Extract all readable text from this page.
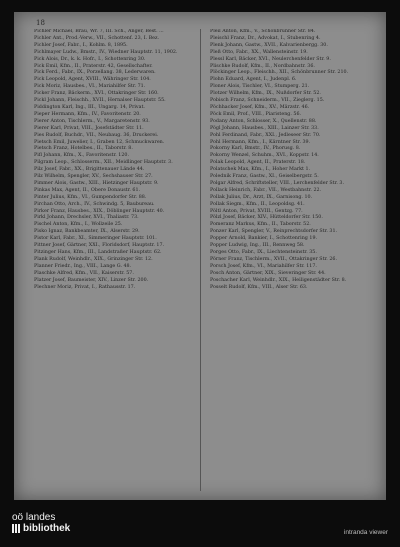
18
Pichler Michael, Bräu, Wr. 7, III. Sch., Anger, Best. ...
Pichler Ant., Prod.-Verw., VII., Schottenf. 23, I. Bez.
Pichler Josef, Fabr., I., Kohlm. 8, 1895.
Pichlmayer Ludw., Bmstr., IV., Wiedner Hauptstr. 11, 1902.
Pick Alois, Dr., k. k. Hofr., I., Schottenring 30.
Pick Emil, Kfm., II., Praterstr. 42, Gesellschafter.
Pick Ferd., Fabr., IX., Porzellang. 38, Lederwaren.
Pick Leopold, Agent, XVIII., Währinger Str. 104.
Pick Moriz, Hausbes., VI., Mariahilfer Str. 71.
Picker Franz, Bäckerm., XVI., Ottakringer Str. 160.
Pickl Johann, Fleischh., XVII., Hernalser Hauptstr. 55.
Piddington Karl, Ing., III., Ungarg. 14, Privat.
Pieper Hermann, Kfm., IV., Favoritenstr. 20.
Pierer Anton, Tischlerm., V., Margaretenstr. 93.
Pierer Karl, Privat, VIII., Josefstädter Str. 11.
Pies Rudolf, Buchdr., VII., Neubaug. 36, Druckerei.
Pietsch Emil, Juwelier, I., Graben 12, Schmuckwaren.
Pietsch Franz, Hotelbes., II., Taborstr. 8.
Pifl Johann, Kfm., X., Favoritenstr. 120.
Pilgram Leop., Schlosserm., XII., Meidlinger Hauptstr. 3.
Pilz Josef, Fabr., XX., Brigittenauer Lände 44.
Pilz Wilhelm, Spengler, XV., Sechshauser Str. 27.
Pimmer Alois, Gastw., XIII., Hietzinger Hauptstr. 9.
Pinkas Max, Agent, II., Obere Donaustr. 61.
Pinter Julius, Kfm., VI., Gumpendorfer Str. 88.
Pirchan Otto, Arch., IV., Schwindg. 5, Baubureau.
Pirker Franz, Hausbes., XIX., Döblinger Hauptstr. 40.
Pirkl Johann, Drechsler, XVI., Thaliastr. 73.
Pischel Anton, Kfm., I., Wollzeile 25.
Pisko Ignaz, Bankbeamter, IX., Alserstr. 29.
Pistor Karl, Fabr., XI., Simmeringer Hauptstr. 101.
Pittner Josef, Gärtner, XXI., Floridsdorf, Hauptstr. 17.
Pitzinger Hans, Kfm., III., Landstraßer Hauptstr. 62.
Plank Rudolf, Weinhdlr., XIX., Grinzinger Str. 12.
Planner Friedr., Ing., VIII., Lange G. 48.
Plaschke Alfred, Kfm., VII., Kaiserstr. 57.
Platzer Josef, Baumeister, XIV., Linzer Str. 200.
Plechner Moriz, Privat, I., Rathausstr. 17.
Pleil Anton, Kfm., V., Schönbrunner Str. 84.
Pleischl Franz, Dr., Advokat, I., Stubenring 4.
Plenk Johann, Gastw., XVII., Kalvarienbergg. 30.
Pleß Otto, Fabr., XX., Wallensteinstr. 19.
Plessl Karl, Bäcker, XVI., Neulerchenfelder Str. 9.
Plischke Rudolf, Kfm., II., Nordbahnstr. 36.
Plöckinger Leop., Fleischh., XII., Schönbrunner Str. 210.
Plohn Eduard, Agent, I., Judenpl. 6.
Ploner Alois, Tischler, VI., Stumperg. 21.
Plotzer Wilhelm, Kfm., IX., Nußdorfer Str. 52.
Pobisch Franz, Schneiderm., VII., Zieglerg. 15.
Pöchhacker Josef, Kfm., XV., Märzstr. 46.
Pöck Emil, Prof., VIII., Piaristeng. 56.
Podany Anton, Schlosser, X., Quellenstr. 88.
Pögl Johann, Hausbes., XIII., Lainzer Str. 33.
Pohl Ferdinand, Fabr., XXI., Jedleseer Str. 70.
Pohl Hermann, Kfm., I., Kärntner Str. 39.
Pokorny Karl, Bmstr., IV., Phorusg. 8.
Pokorny Wenzel, Schuhm., XVI., Koppstr. 14.
Polak Leopold, Agent, II., Praterstr. 18.
Polatschek Max, Kfm., I., Hoher Markt 1.
Polednik Franz, Gastw., XI., Geiselbergstr. 5.
Polgar Alfred, Schriftsteller, VIII., Lerchenfelder Str. 3.
Pollack Heinrich, Fabr., VII., Westbahnstr. 22.
Pollak Julius, Dr., Arzt, IX., Garnisong. 10.
Pollak Siegm., Kfm., II., Leopoldsg. 41.
Pöltl Anton, Privat, XVIII., Gentzg. 77.
Pölzl Josef, Bäcker, XIV., Hütteldorfer Str. 150.
Pomeranz Markus, Kfm., II., Taborstr. 52.
Ponzer Karl, Spengler, V., Reinprechtsdorfer Str. 31.
Popper Arnold, Bankier, I., Schottenring 19.
Popper Ludwig, Ing., III., Rennweg 58.
Porges Otto, Fabr., IX., Liechtensteinstr. 35.
Pörner Franz, Tischlerm., XVII., Ottakringer Str. 26.
Porsch Josef, Kfm., VI., Mariahilfer Str. 117.
Posch Anton, Gärtner, XIX., Sieveringer Str. 44.
Poschacher Karl, Weinhdlr., XIX., Heiligenstädter Str. 8.
Posselt Rudolf, Kfm., VIII., Alser Str. 63.
oö landes
bibliothek	intranda viewer
